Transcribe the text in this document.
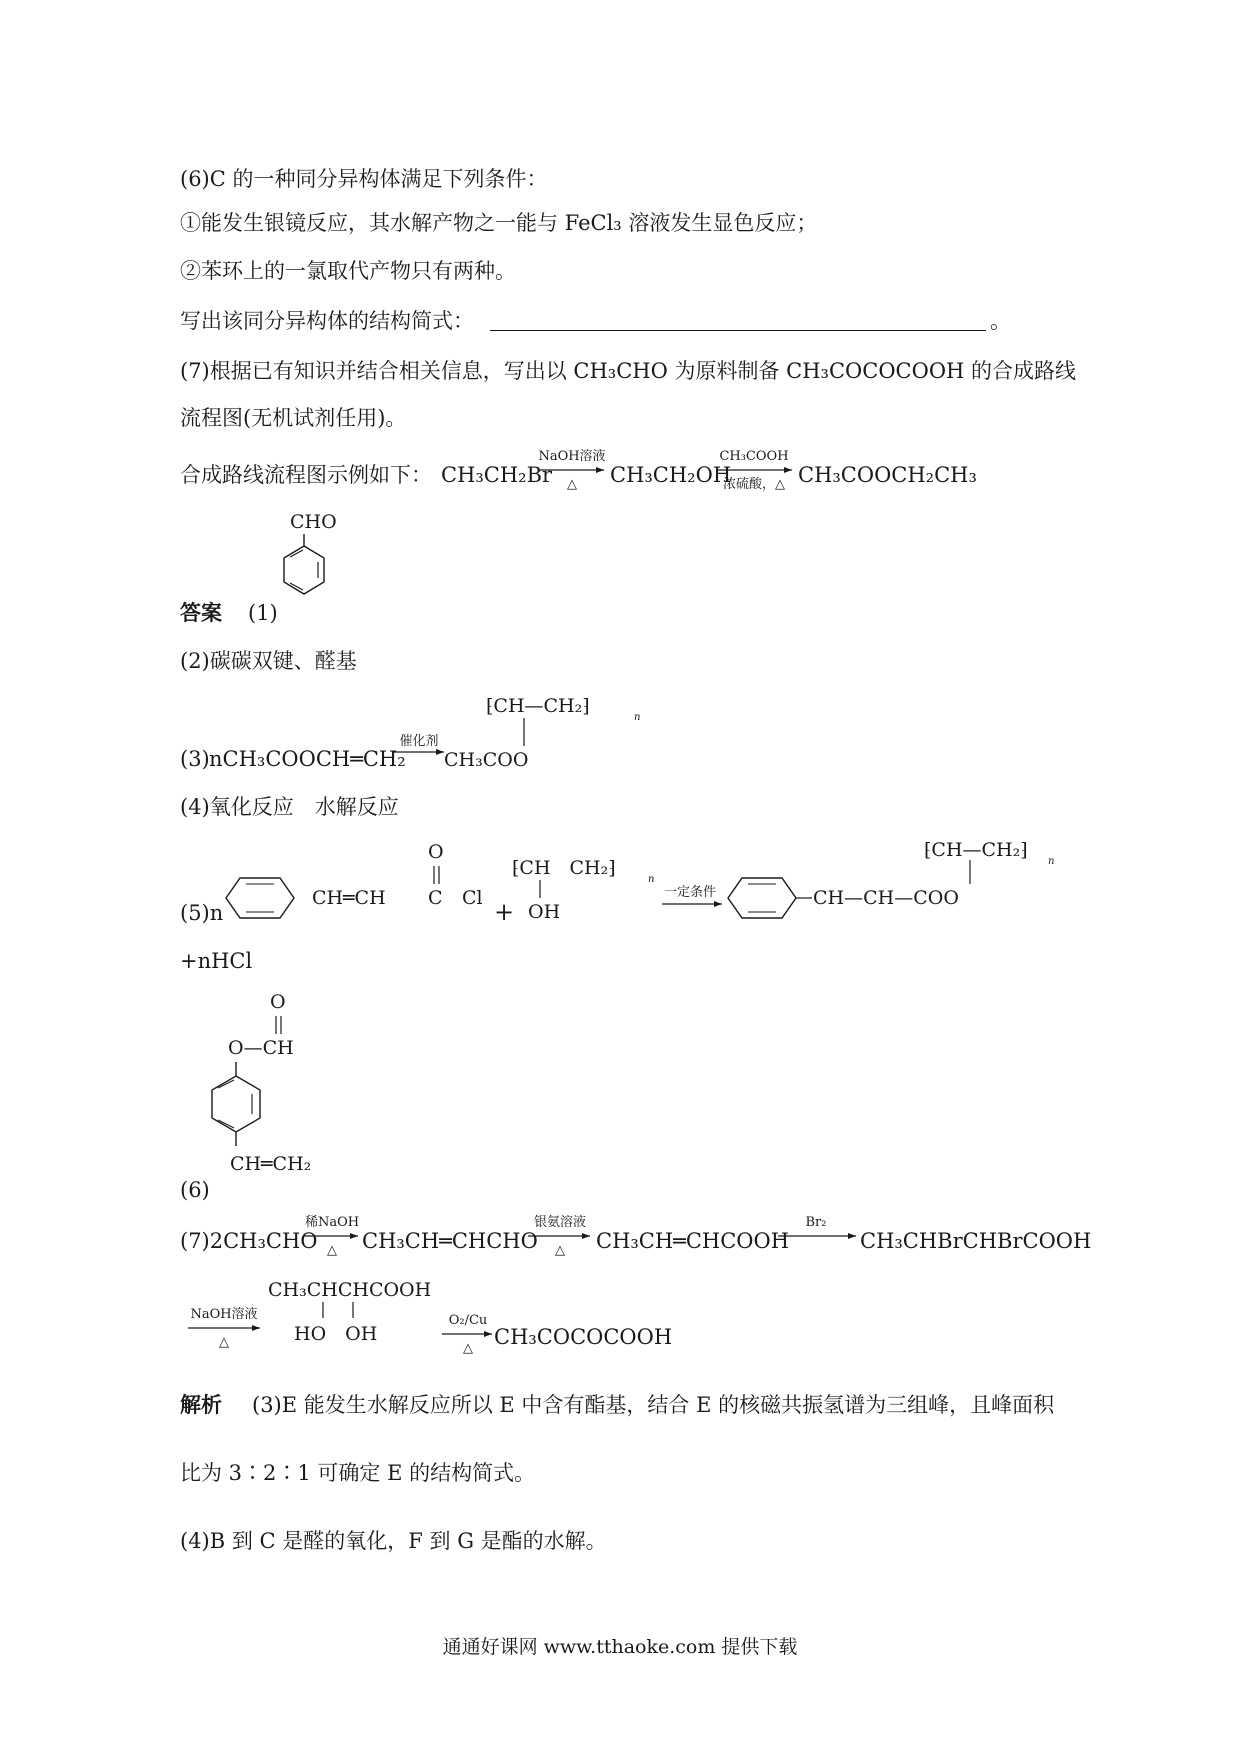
(6)C 的一种同分异构体满足下列条件：
①能发生银镜反应，其水解产物之一能与 FeCl₃ 溶液发生显色反应；
②苯环上的一氯取代产物只有两种。
写出该同分异构体的结构简式：	。
(7)根据已有知识并结合相关信息，写出以 CH₃CHO 为原料制备 CH₃COCOCOOH 的合成路线
流程图(无机试剂任用)。
合成路线流程图示例如下： CH₃CH₂Br
NaOH溶液
△ CH₃CH₂OH
CH₃COOH
浓硫酸，△ CH₃COOCH₂CH₃
CHO
答案 (1)
(2)碳碳双键、醛基
(3) nCH₃COOCH═CH₂
催化剂
⁅CH—CH₂⁆
n
CH₃COO
(4)氧化反应　水解反应
(5)n
CH═CH
O
C Cl +
⁅CH　CH₂⁆
n
OH
一定条件	CH—CH—COO
⁅CH—CH₂⁆
n
+nHCl
O
O—CH
CH═CH₂
(6)
(7)2CH₃CHO
稀NaOH
△ CH₃CH═CHCHO
银氨溶液
△ CH₃CH═CHCOOH
Br₂
CH₃CHBrCHBrCOOH
NaOH溶液
△
CH₃CHCHCOOH
HO　OH
O₂/Cu
△ CH₃COCOCOOH
解析 (3)E 能发生水解反应所以 E 中含有酯基，结合 E 的核磁共振氢谱为三组峰，且峰面积
比为 3∶2∶1 可确定 E 的结构简式。
(4)B 到 C 是醛的氧化，F 到 G 是酯的水解。
通通好课网 www.tthaoke.com 提供下载
